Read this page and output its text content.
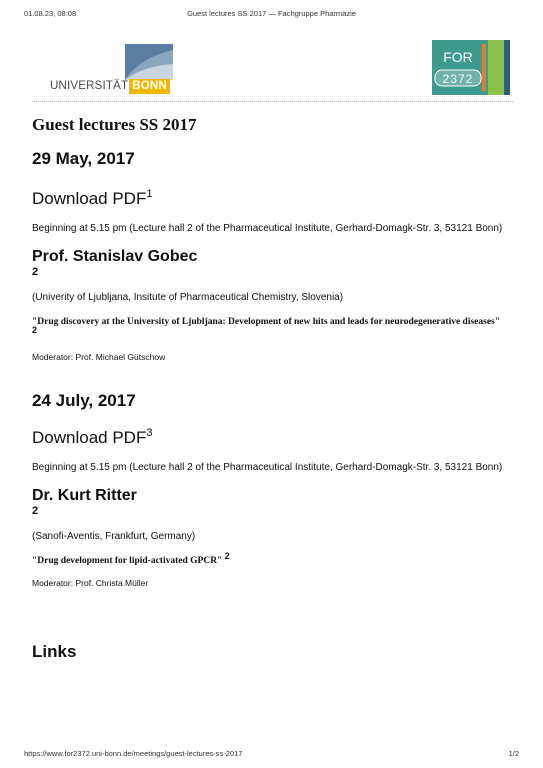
01.08.23, 08:08	Guest lectures SS 2017 — Fachgruppe Pharmazie
UNIVERSITÄT BONN
FOR
2372
Guest lectures SS 2017
29 May, 2017
Download PDF$^1$

Beginning at 5.15 pm (Lecture hall 2 of the Pharmaceutical Institute, Gerhard-Domagk-Str. 3, 53121 Bonn)

Prof. Stanislav Gobec

2

(Univerity of Ljubljana, Insitute of Pharmaceutical Chemistry, Slovenia)

"Drug discovery at the University of Ljubljana: Development of new hits and leads for neurodegenerative diseases" $^2$

Moderator: Prof. Michael Gütschow

24 July, 2017
Download PDF$^3$

Beginning at 5.15 pm (Lecture hall 2 of the Pharmaceutical Institute, Gerhard-Domagk-Str. 3, 53121 Bonn)

Dr. Kurt Ritter

2

(Sanofi-Aventis, Frankfurt, Germany)

"Drug development for lipid-activated GPCR" $^2$

Moderator: Prof. Christa Müller

Links
https://www.for2372.uni-bonn.de/meetings/guest-lectures-ss-2017	1/2
